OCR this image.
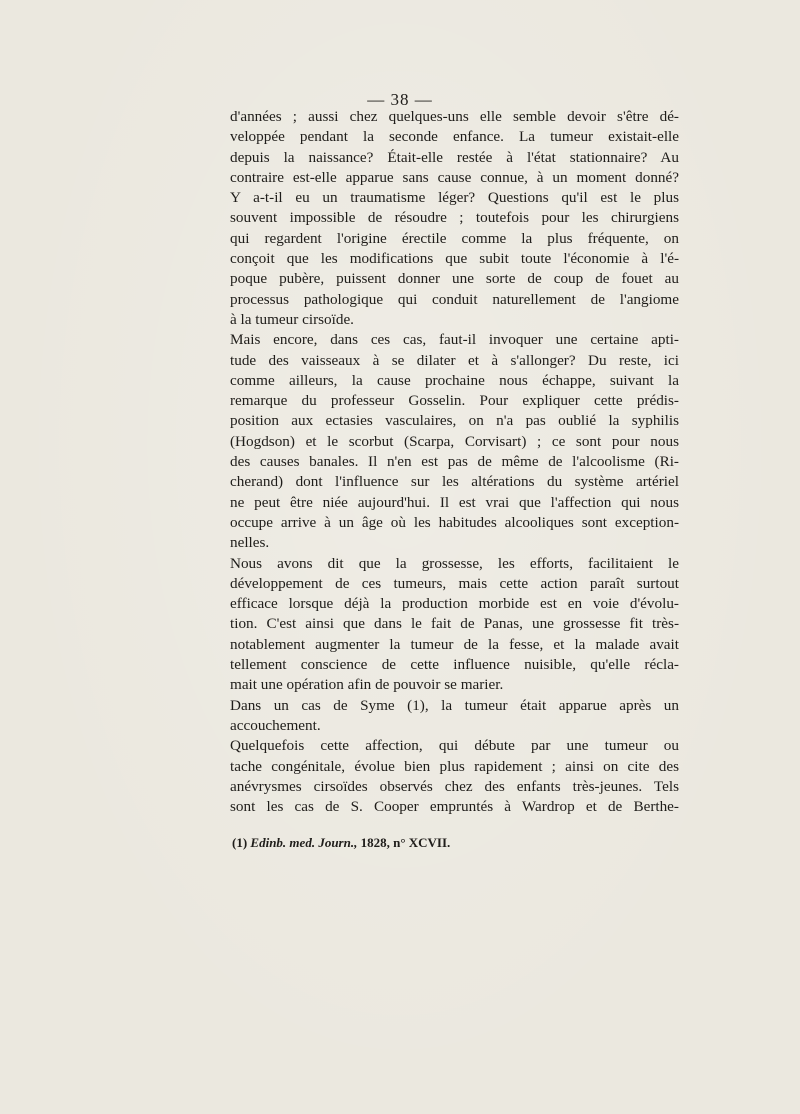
— 38 —
d'années ; aussi chez quelques-uns elle semble devoir s'être dé-
veloppée pendant la seconde enfance. La tumeur existait-elle
depuis la naissance? Était-elle restée à l'état stationnaire? Au
contraire est-elle apparue sans cause connue, à un moment donné?
Y a-t-il eu un traumatisme léger? Questions qu'il est le plus
souvent impossible de résoudre ; toutefois pour les chirurgiens
qui regardent l'origine érectile comme la plus fréquente, on
conçoit que les modifications que subit toute l'économie à l'é-
poque pubère, puissent donner une sorte de coup de fouet au
processus pathologique qui conduit naturellement de l'angiome
à la tumeur cirsoïde.
Mais encore, dans ces cas, faut-il invoquer une certaine apti-
tude des vaisseaux à se dilater et à s'allonger? Du reste, ici
comme ailleurs, la cause prochaine nous échappe, suivant la
remarque du professeur Gosselin. Pour expliquer cette prédis-
position aux ectasies vasculaires, on n'a pas oublié la syphilis
(Hogdson) et le scorbut (Scarpa, Corvisart) ; ce sont pour nous
des causes banales. Il n'en est pas de même de l'alcoolisme (Ri-
cherand) dont l'influence sur les altérations du système artériel
ne peut être niée aujourd'hui. Il est vrai que l'affection qui nous
occupe arrive à un âge où les habitudes alcooliques sont exception-
nelles.
Nous avons dit que la grossesse, les efforts, facilitaient le
développement de ces tumeurs, mais cette action paraît surtout
efficace lorsque déjà la production morbide est en voie d'évolu-
tion. C'est ainsi que dans le fait de Panas, une grossesse fit très-
notablement augmenter la tumeur de la fesse, et la malade avait
tellement conscience de cette influence nuisible, qu'elle récla-
mait une opération afin de pouvoir se marier.
Dans un cas de Syme (1), la tumeur était apparue après un
accouchement.
Quelquefois cette affection, qui débute par une tumeur ou
tache congénitale, évolue bien plus rapidement ; ainsi on cite des
anévrysmes cirsoïdes observés chez des enfants très-jeunes. Tels
sont les cas de S. Cooper empruntés à Wardrop et de Berthe-
(1) Edinb. med. Journ., 1828, n° XCVII.
